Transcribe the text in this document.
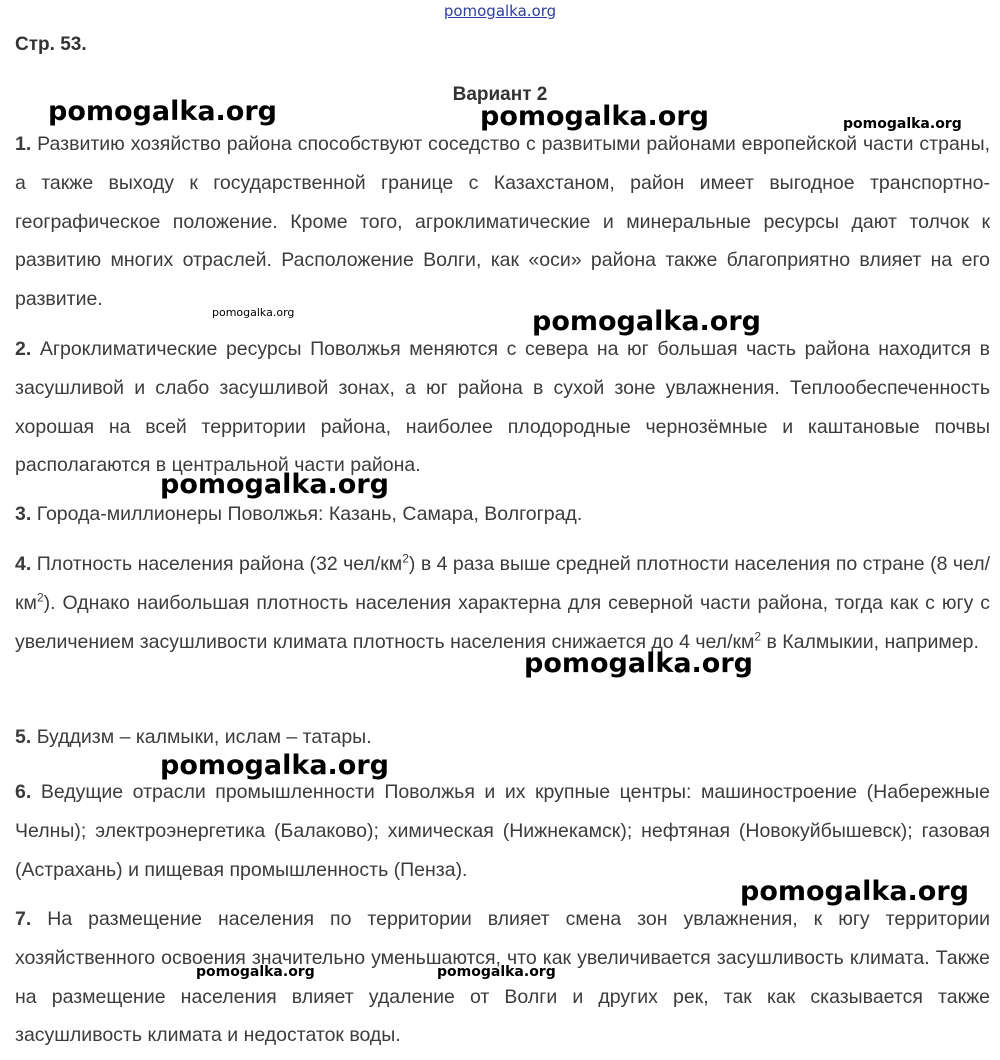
pomogalka.org
Стр. 53.
Вариант 2

1. Развитию хозяйство района способствуют соседство с развитыми районами европейской части страны, а также выходу к государственной границе с Казахстаном, район имеет выгодное транспортно-географическое положение. Кроме того, агроклиматические и минеральные ресурсы дают толчок к развитию многих отраслей. Расположение Волги, как «оси» района также благоприятно влияет на его развитие.

2. Агроклиматические ресурсы Поволжья меняются с севера на юг большая часть района находится в засушливой и слабо засушливой зонах, а юг района в сухой зоне увлажнения. Теплообеспеченность хорошая на всей территории района, наиболее плодородные чернозёмные и каштановые почвы располагаются в центральной части района.

3. Города-миллионеры Поволжья: Казань, Самара, Волгоград.

4. Плотность населения района (32 чел/$км^2$) в 4 раза выше средней плотности населения по стране (8 чел/$км^2$). Однако наибольшая плотность населения характерна для северной части района, тогда как с югу с увеличением засушливости климата плотность населения снижается до 4 чел/$км^2$ в Калмыкии, например.

5. Буддизм – калмыки, ислам – татары.

6. Ведущие отрасли промышленности Поволжья и их крупные центры: машиностроение (Набережные Челны); электроэнергетика (Балаково); химическая (Нижнекамск); нефтяная (Новокуйбышевск); газовая (Астрахань) и пищевая промышленность (Пенза).

7. На размещение населения по территории влияет смена зон увлажнения, к югу территории хозяйственного освоения значительно уменьшаются, что как увеличивается засушливость климата. Также на размещение населения влияет удаление от Волги и других рек, так как сказывается также засушливость климата и недостаток воды.

pomogalka.org	pomogalka.org	pomogalka.org
pomogalka.org	pomogalka.org
pomogalka.org
pomogalka.org
pomogalka.org
pomogalka.org
pomogalka.org	pomogalka.org
